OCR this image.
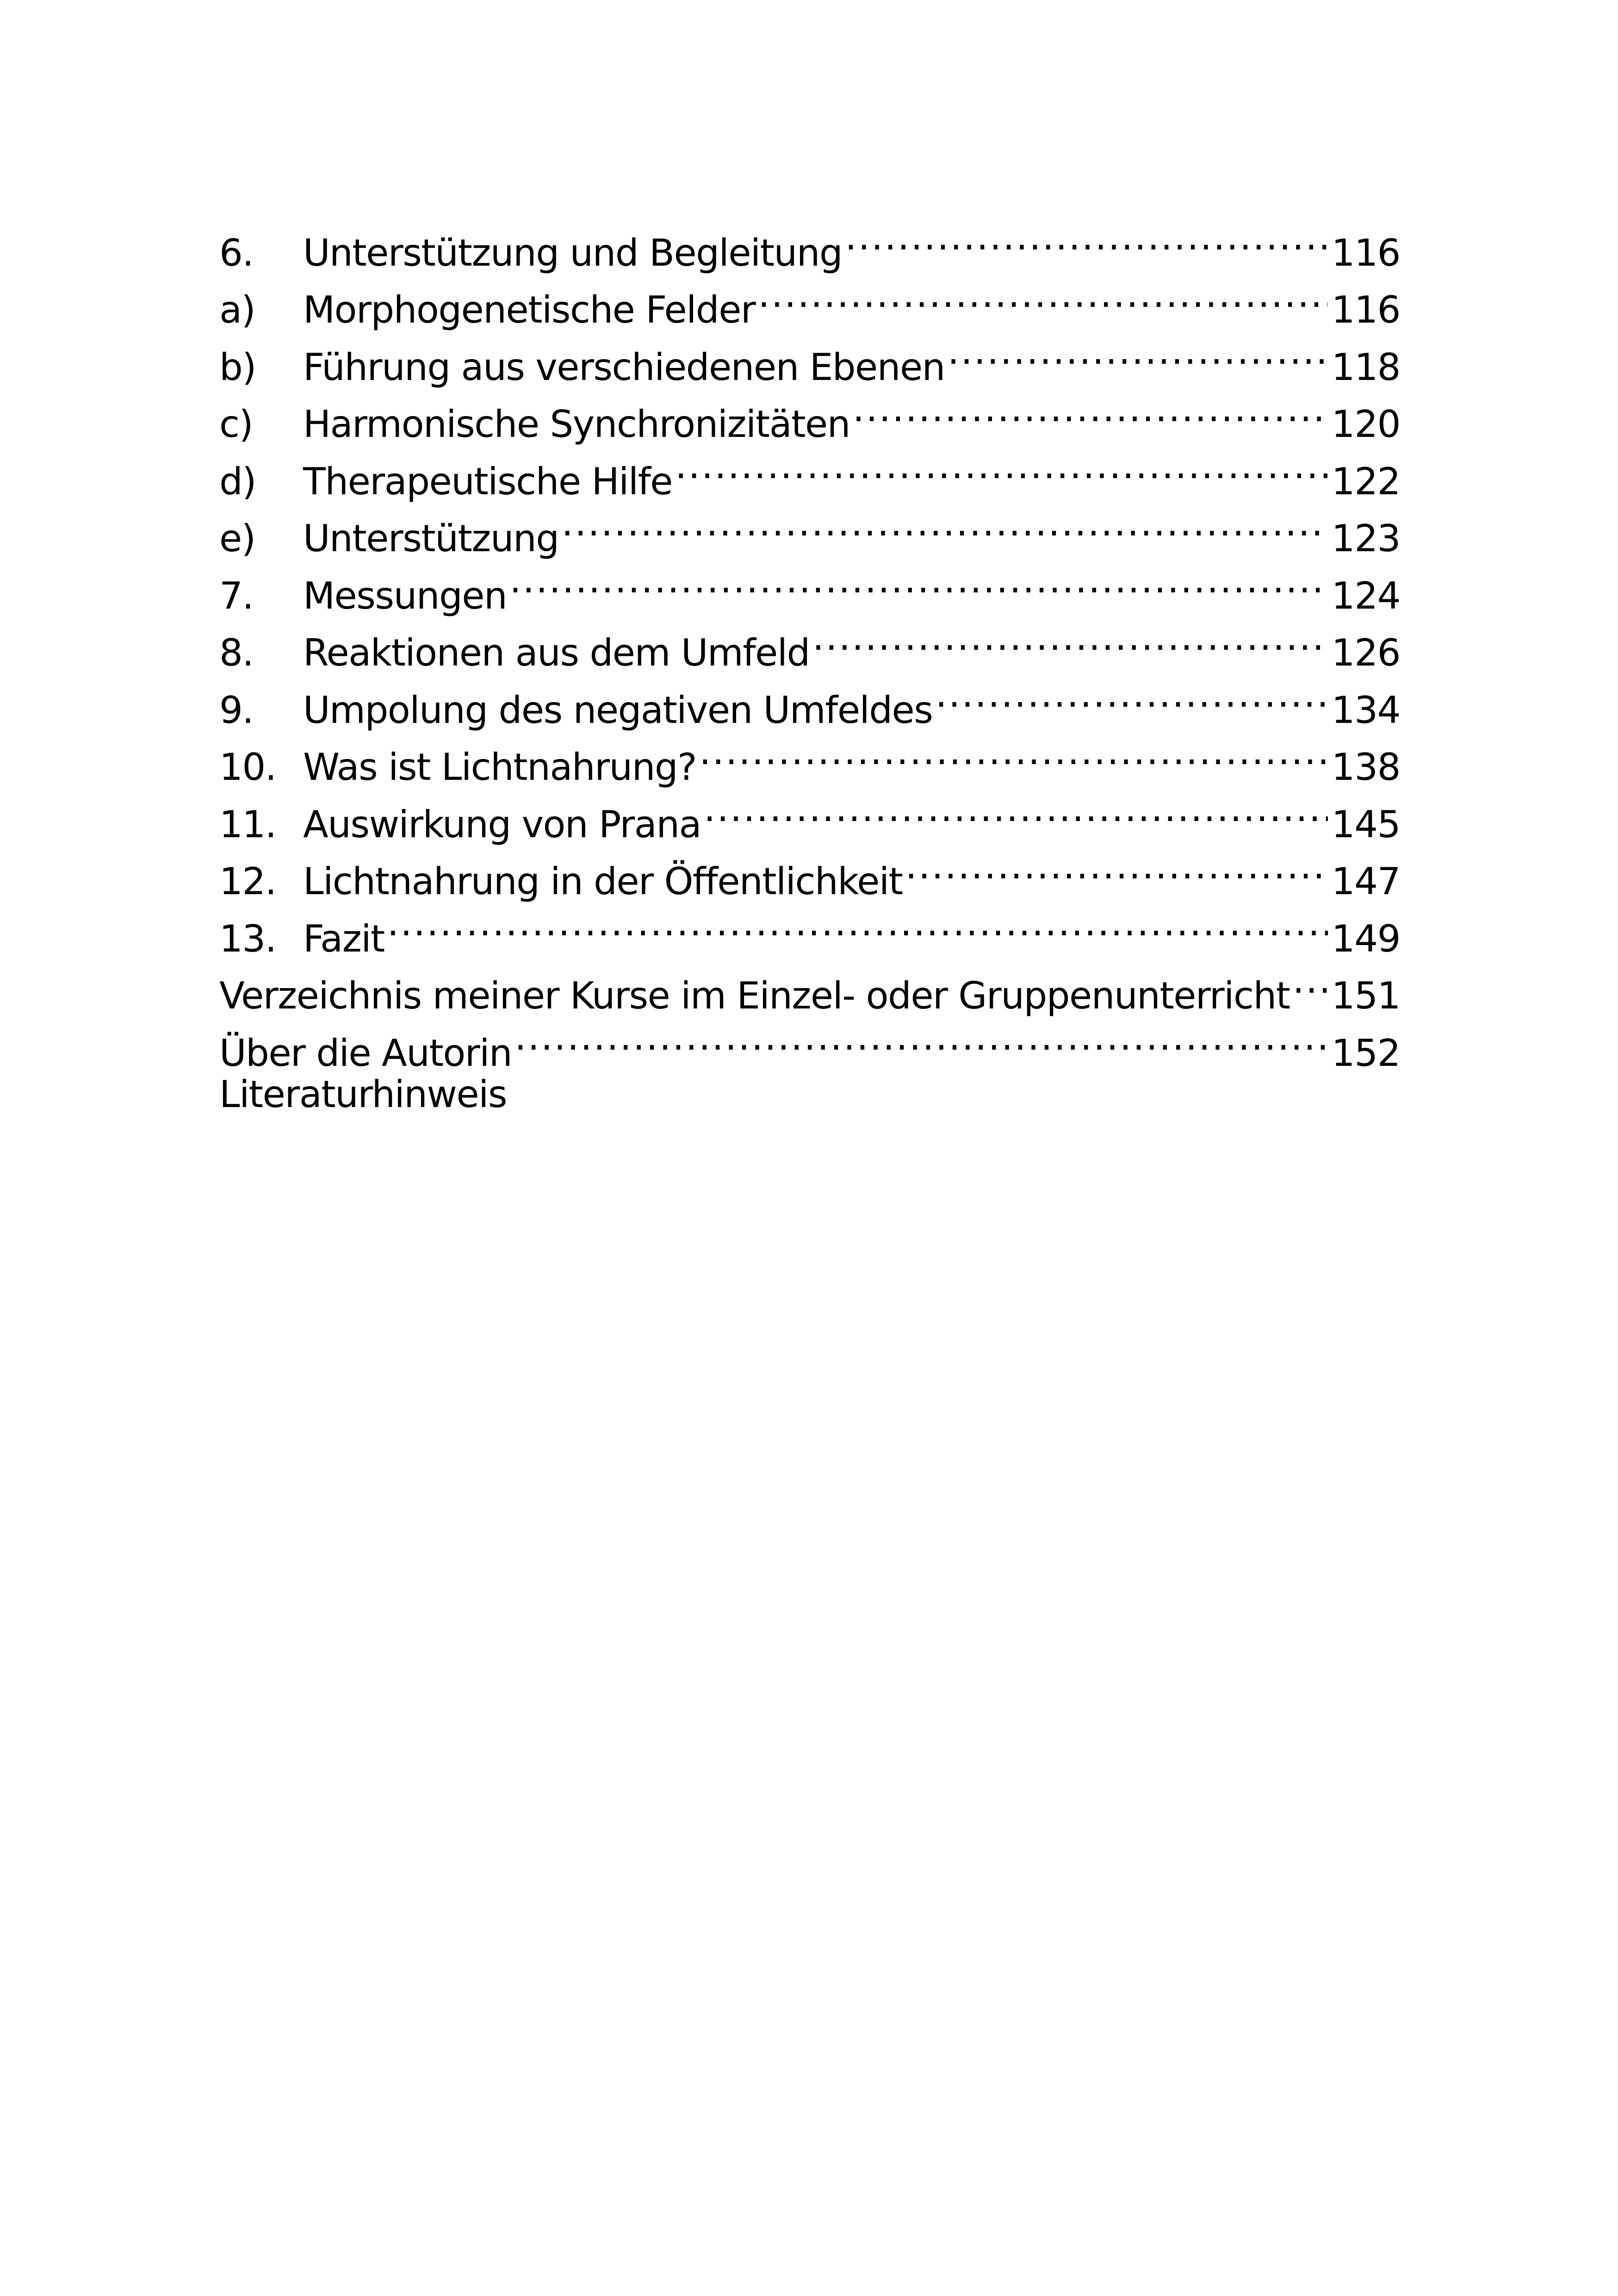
6.	Unterstützung und Begleitung .....	116
a)	Morphogenetische Felder .....	116
b)	Führung aus verschiedenen Ebenen .....	118
c)	Harmonische Synchronizitäten .....	120
d)	Therapeutische Hilfe .....	122
e)	Unterstützung .....	123
7.	Messungen .....	124
8.	Reaktionen aus dem Umfeld .....	126
9.	Umpolung des negativen Umfeldes .....	134
10. Was ist Lichtnahrung? .....	138
11. Auswirkung von Prana .....	145
12. Lichtnahrung in der Öffentlichkeit .....	147
13. Fazit .....	149
Verzeichnis meiner Kurse im Einzel- oder Gruppenunterricht ..... 151
Über die Autorin .....	152
Literaturhinweis
